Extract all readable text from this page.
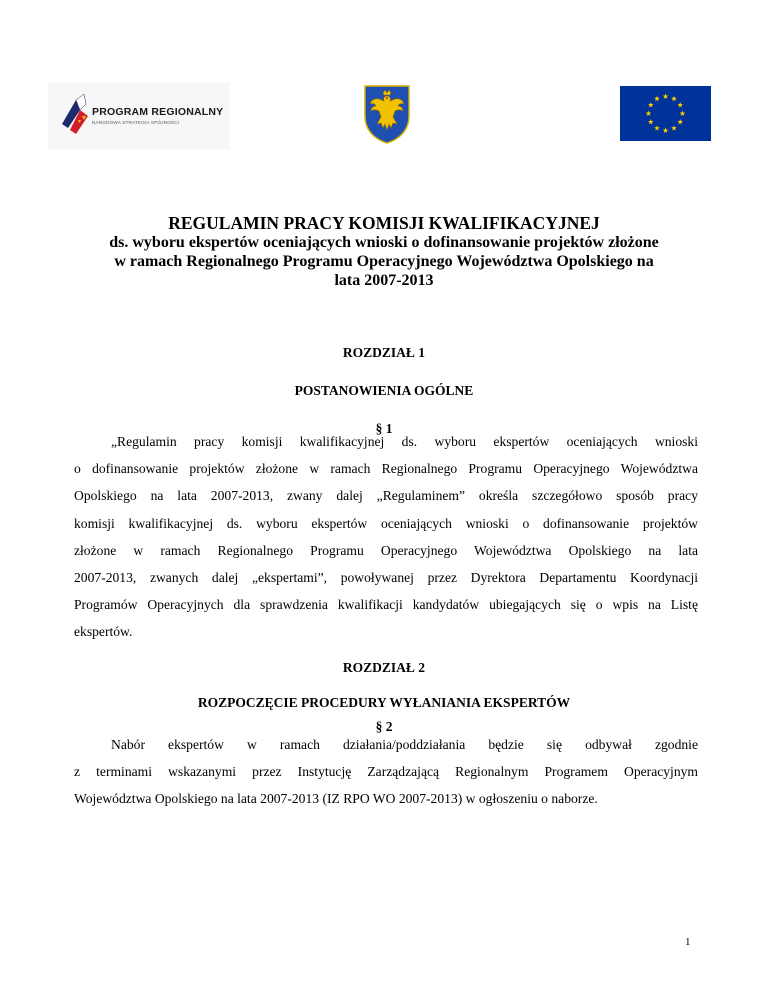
PROGRAM REGIONALNY
NARODOWA STRATEGIA SPÓJNOŚCI
REGULAMIN PRACY KOMISJI KWALIFIKACYJNEJ
ds. wyboru ekspertów oceniających wnioski o dofinansowanie projektów złożone
w ramach Regionalnego Programu Operacyjnego Województwa Opolskiego na
lata 2007-2013
ROZDZIAŁ 1
POSTANOWIENIA OGÓLNE
§ 1
„Regulamin pracy komisji kwalifikacyjnej ds. wyboru ekspertów oceniających wnioski
o dofinansowanie projektów złożone w ramach Regionalnego Programu Operacyjnego Województwa
Opolskiego na lata 2007-2013, zwany dalej „Regulaminem” określa szczegółowo sposób pracy
komisji kwalifikacyjnej ds. wyboru ekspertów oceniających wnioski o dofinansowanie projektów
złożone w ramach Regionalnego Programu Operacyjnego Województwa Opolskiego na lata
2007-2013, zwanych dalej „ekspertami”, powoływanej przez Dyrektora Departamentu Koordynacji
Programów Operacyjnych dla sprawdzenia kwalifikacji kandydatów ubiegających się o wpis na Listę
ekspertów.
ROZDZIAŁ 2
ROZPOCZĘCIE PROCEDURY WYŁANIANIA EKSPERTÓW
§ 2
Nabór ekspertów w ramach działania/poddziałania będzie się odbywał zgodnie
z terminami wskazanymi przez Instytucję Zarządzającą Regionalnym Programem Operacyjnym
Województwa Opolskiego na lata 2007-2013 (IZ RPO WO 2007-2013) w ogłoszeniu o naborze.
1
